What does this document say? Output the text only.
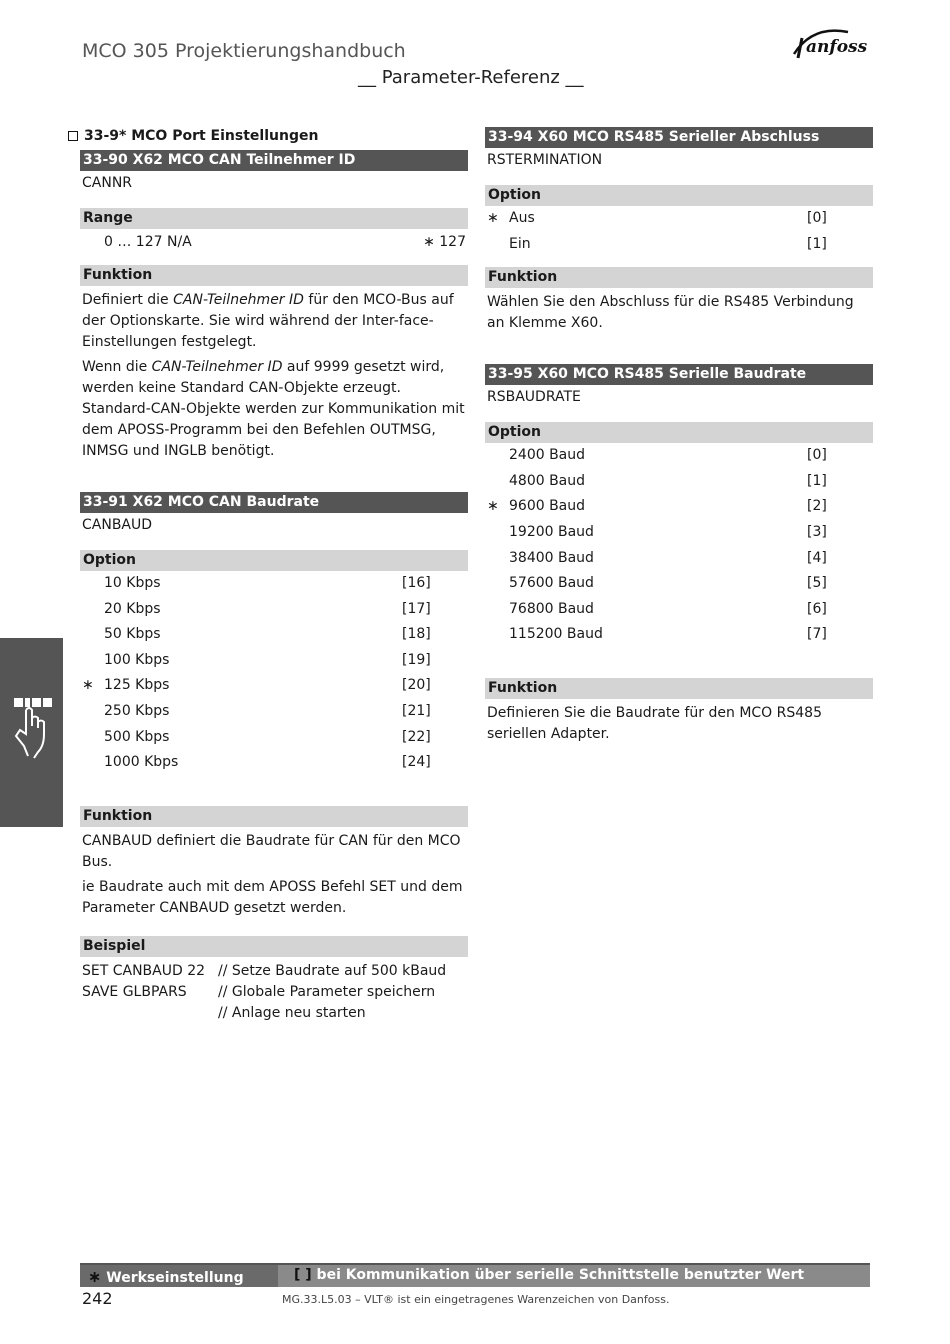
MCO 305 Projektierungshandbuch
__ Parameter-Referenz __
anfoss
33-9* MCO Port Einstellungen
33-90 X62 MCO CAN Teilnehmer ID
CANNR
Range
0 … 127 N/A	∗ 127
Funktion
Definiert die CAN-Teilnehmer ID für den MCO-Bus auf der Optionskarte. Sie wird während der Inter-face-Einstellungen festgelegt.
Wenn die CAN-Teilnehmer ID auf 9999 gesetzt wird, werden keine Standard CAN-Objekte erzeugt. Standard-CAN-Objekte werden zur Kommunikation mit dem APOSS-Programm bei den Befehlen OUTMSG, INMSG und INGLB benötigt.
33-91 X62 MCO CAN Baudrate
CANBAUD
Option
10 Kbps	[16]
20 Kbps	[17]
50 Kbps	[18]
100 Kbps	[19]
∗ 125 Kbps	[20]
250 Kbps	[21]
500 Kbps	[22]
1000 Kbps	[24]
Funktion
CANBAUD definiert die Baudrate für CAN für den MCO Bus.
ie Baudrate auch mit dem APOSS Befehl SET und dem Parameter CANBAUD gesetzt werden.
Beispiel
SET CANBAUD 22 // Setze Baudrate auf 500 kBaud
SAVE GLBPARS	// Globale Parameter speichern
// Anlage neu starten
33-94 X60 MCO RS485 Serieller Abschluss
RSTERMINATION
Option
∗ Aus	[0]
Ein	[1]
Funktion
Wählen Sie den Abschluss für die RS485 Verbindung an Klemme X60.
33-95 X60 MCO RS485 Serielle Baudrate
RSBAUDRATE
Option
2400 Baud	[0]
4800 Baud	[1]
∗ 9600 Baud	[2]
19200 Baud	[3]
38400 Baud	[4]
57600 Baud	[5]
76800 Baud	[6]
115200 Baud	[7]
Funktion
Definieren Sie die Baudrate für den MCO RS485 seriellen Adapter.
∗ Werkseinstellung	[ ] bei Kommunikation über serielle Schnittstelle benutzter Wert
242	MG.33.L5.03 – VLT® ist ein eingetragenes Warenzeichen von Danfoss.
